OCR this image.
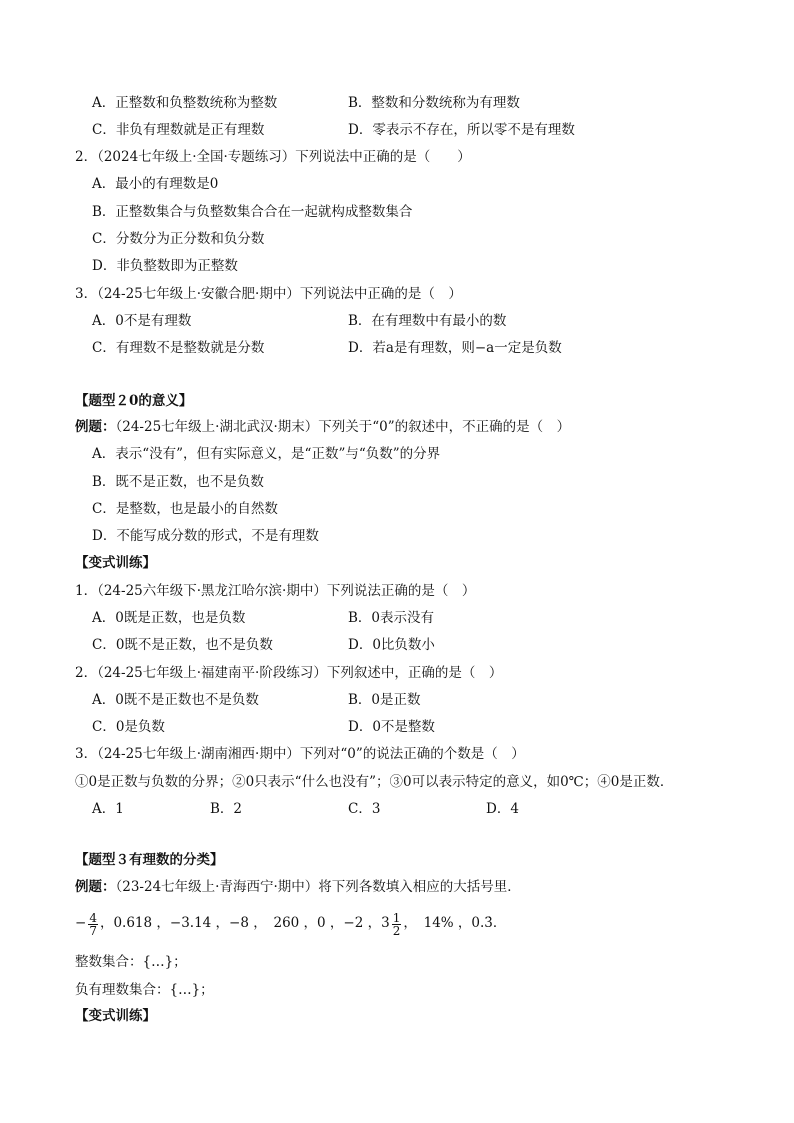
A．正整数和负整数统称为整数	B．整数和分数统称为有理数
C．非负有理数就是正有理数	D．零表示不存在，所以零不是有理数
2．（2024七年级上·全国·专题练习）下列说法中正确的是（　　）
A．最小的有理数是0
B．正整数集合与负整数集合合在一起就构成整数集合
C．分数分为正分数和负分数
D．非负整数即为正整数
3．（24-25七年级上·安徽合肥·期中）下列说法中正确的是（　）
A．0不是有理数	B．在有理数中有最小的数
C．有理数不是整数就是分数	D．若a是有理数，则−a一定是负数
【题型２0的意义】
例题：（24-25七年级上·湖北武汉·期末）下列关于“0”的叙述中，不正确的是（　）
A．表示“没有”，但有实际意义，是“正数”与“负数”的分界
B．既不是正数，也不是负数
C．是整数，也是最小的自然数
D．不能写成分数的形式，不是有理数
【变式训练】
1．（24-25六年级下·黑龙江哈尔滨·期中）下列说法正确的是（　）
A．0既是正数，也是负数	B．0表示没有
C．0既不是正数，也不是负数	D．0比负数小
2．（24-25七年级上·福建南平·阶段练习）下列叙述中，正确的是（　）
A．0既不是正数也不是负数	B．0是正数
C．0是负数	D．0不是整数
3．（24-25七年级上·湖南湘西·期中）下列对“0”的说法正确的个数是（　）
①0是正数与负数的分界；②0只表示“什么也没有”；③0可以表示特定的意义，如0℃；④0是正数．
A．1	B．2	C．3	D．4
【题型３有理数的分类】
例题：（23-24七年级上·青海西宁·期中）将下列各数填入相应的大括号里．
− $\frac{4}{7}$ ，0.618 ，−3.14 ，−8 ，　260 ，0 ，−2 ，$3 \frac{1}{2}$ ，　14% ，0.3̇．
整数集合：{…}；
负有理数集合：{…}；
【变式训练】
